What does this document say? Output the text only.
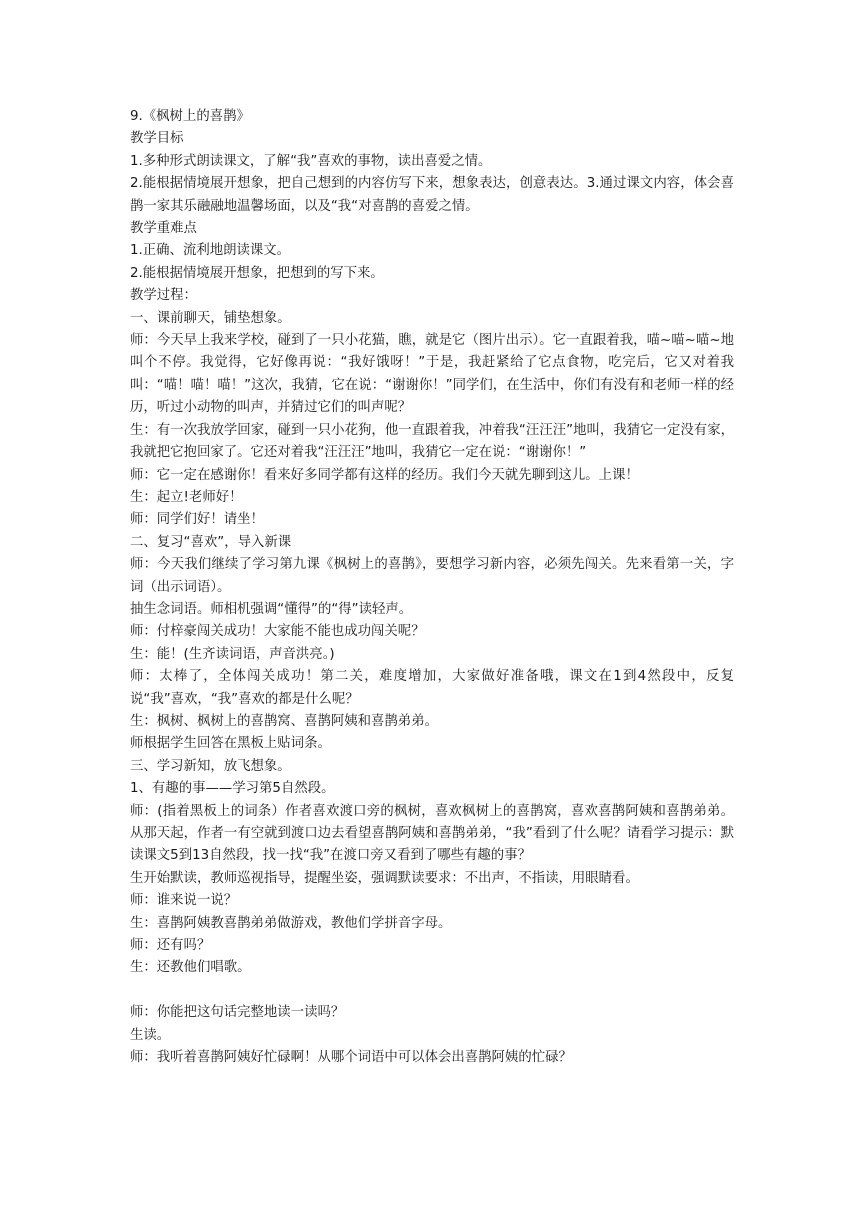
9.《枫树上的喜鹊》

教学目标

1.多种形式朗读课文，了解“我”喜欢的事物，读出喜爱之情。

2.能根据情境展开想象，把自己想到的内容仿写下来，想象表达，创意表达。3.通过课文内容，体会喜鹊一家其乐融融地温馨场面，以及“我“对喜鹊的喜爱之情。

教学重难点

1.正确、流利地朗读课文。

2.能根据情境展开想象，把想到的写下来。

教学过程：

一、课前聊天，铺垫想象。

师：今天早上我来学校，碰到了一只小花猫，瞧，就是它（图片出示）。它一直跟着我，喵~喵~喵~地叫个不停。我觉得，它好像再说：“我好饿呀！”于是，我赶紧给了它点食物，吃完后，它又对着我叫：“喵！喵！喵！”这次，我猜，它在说：“谢谢你！”同学们，在生活中，你们有没有和老师一样的经历，听过小动物的叫声，并猜过它们的叫声呢？

生：有一次我放学回家，碰到一只小花狗，他一直跟着我，冲着我“汪汪汪”地叫，我猜它一定没有家，我就把它抱回家了。它还对着我“汪汪汪”地叫，我猜它一定在说：“谢谢你！”

师：它一定在感谢你！看来好多同学都有这样的经历。我们今天就先聊到这儿。上课！

生：起立!老师好！

师：同学们好！请坐！

二、复习“喜欢”，导入新课

师：今天我们继续了学习第九课《枫树上的喜鹊》，要想学习新内容，必须先闯关。先来看第一关，字词（出示词语）。

抽生念词语。师相机强调“懂得”的“得”读轻声。

师：付梓豪闯关成功！大家能不能也成功闯关呢？

生：能！(生齐读词语，声音洪亮。)

师：太棒了，全体闯关成功！第二关，难度增加，大家做好准备哦，课文在1到4然段中，反复说“我”喜欢，“我”喜欢的都是什么呢？

生：枫树、枫树上的喜鹊窝、喜鹊阿姨和喜鹊弟弟。

师根据学生回答在黑板上贴词条。

三、学习新知，放飞想象。

1、有趣的事——学习第5自然段。

师：(指着黑板上的词条）作者喜欢渡口旁的枫树，喜欢枫树上的喜鹊窝，喜欢喜鹊阿姨和喜鹊弟弟。从那天起，作者一有空就到渡口边去看望喜鹊阿姨和喜鹊弟弟，“我”看到了什么呢？请看学习提示：默读课文5到13自然段，找一找“我”在渡口旁又看到了哪些有趣的事？

生开始默读，教师巡视指导，提醒坐姿，强调默读要求：不出声，不指读，用眼睛看。

师：谁来说一说？

生：喜鹊阿姨教喜鹊弟弟做游戏，教他们学拼音字母。

师：还有吗？

生：还教他们唱歌。

师：你能把这句话完整地读一读吗？

生读。

师：我听着喜鹊阿姨好忙碌啊！从哪个词语中可以体会出喜鹊阿姨的忙碌？
